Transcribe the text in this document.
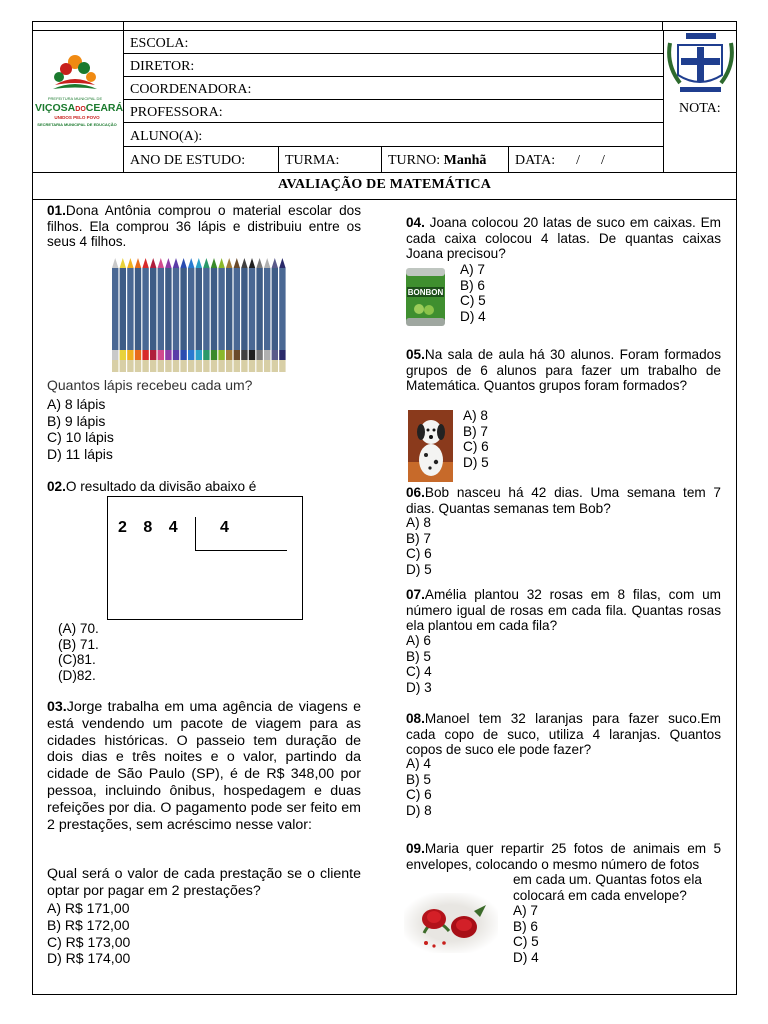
PREFEITURA MUNICIPAL DE
VIÇOSADOCEARÁ
UNIDOS PELO POVO
SECRETARIA MUNICIPAL DE EDUCAÇÃO
ESCOLA:
DIRETOR:
COORDENADORA:
PROFESSORA:
ALUNO(A):
ANO DE ESTUDO:	TURMA:	TURNO: Manhã	DATA:      /      /
NOTA:
AVALIAÇÃO DE MATEMÁTICA
01.Dona Antônia comprou o material escolar dos filhos. Ela comprou 36 lápis e distribuiu entre os seus 4 filhos.
Quantos lápis recebeu cada um?
A) 8 lápis
B) 9 lápis
C) 10 lápis
D) 11 lápis
02.O resultado da divisão abaixo é
2 8 4 4
(A) 70.
(B) 71.
(C)81.
(D)82.
03.Jorge trabalha em uma agência de viagens e está vendendo um pacote de viagem para as cidades históricas. O passeio tem duração de dois dias e três noites e o valor, partindo da cidade de São Paulo (SP), é de R$ 348,00 por pessoa, incluindo ônibus, hospedagem e duas refeições por dia. O pagamento pode ser feito em 2 prestações, sem acréscimo nesse valor:
Qual será o valor de cada prestação se o cliente optar por pagar em 2 prestações?
A) R$ 171,00
B) R$ 172,00
C) R$ 173,00
D) R$ 174,00
04. Joana colocou 20 latas de suco em caixas. Em cada caixa colocou 4 latas. De quantas caixas Joana precisou?
BONBON
A) 7
B) 6
C) 5
D) 4
05.Na sala de aula há 30 alunos. Foram formados grupos de 6 alunos para fazer um trabalho de Matemática. Quantos grupos foram formados?
A) 8
B) 7
C) 6
D) 5
06.Bob nasceu há 42 dias. Uma semana tem 7 dias. Quantas semanas tem Bob?
A) 8
B) 7
C) 6
D) 5
07.Amélia plantou 32 rosas em 8 filas, com um número igual de rosas em cada fila. Quantas rosas ela plantou em cada fila?
A) 6
B) 5
C) 4
D) 3
08.Manoel tem 32 laranjas para fazer suco.Em cada copo de suco, utiliza 4 laranjas. Quantos copos de suco ele pode fazer?
A) 4
B) 5
C) 6
D) 8
09.Maria quer repartir 25 fotos de animais em 5 envelopes, colocando o mesmo número de fotos
em cada um. Quantas fotos ela colocará em cada envelope?
A) 7
B) 6
C) 5
D) 4
